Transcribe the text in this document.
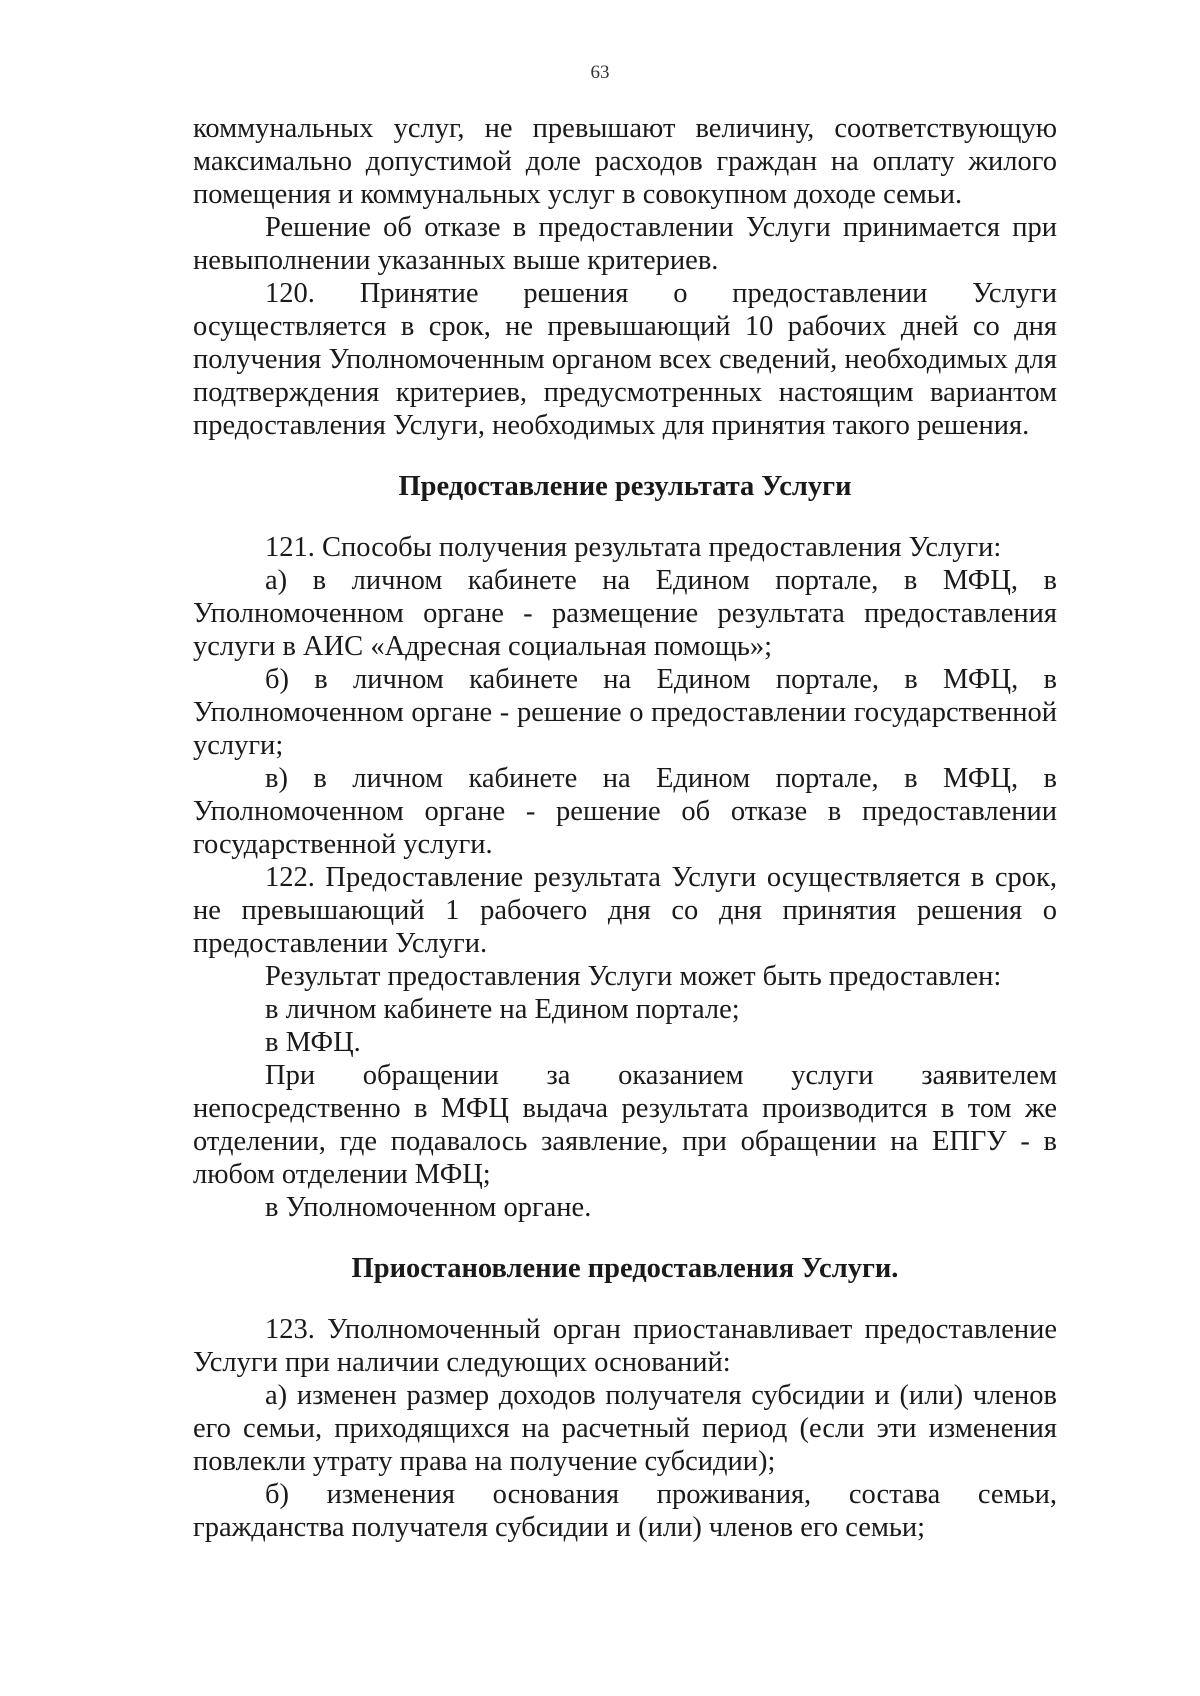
63

коммунальных услуг, не превышают величину, соответствующую максимально допустимой доле расходов граждан на оплату жилого помещения и коммунальных услуг в совокупном доходе семьи.

Решение об отказе в предоставлении Услуги принимается при невыполнении указанных выше критериев.

120. Принятие решения о предоставлении Услуги осуществляется в срок, не превышающий 10 рабочих дней со дня получения Уполномоченным органом всех сведений, необходимых для подтверждения критериев, предусмотренных настоящим вариантом предоставления Услуги, необходимых для принятия такого решения.

Предоставление результата Услуги

121. Способы получения результата предоставления Услуги:

а) в личном кабинете на Едином портале, в МФЦ, в Уполномоченном органе - размещение результата предоставления услуги в АИС «Адресная социальная помощь»;

б) в личном кабинете на Едином портале, в МФЦ, в Уполномоченном органе - решение о предоставлении государственной услуги;

в) в личном кабинете на Едином портале, в МФЦ, в Уполномоченном органе - решение об отказе в предоставлении государственной услуги.

122. Предоставление результата Услуги осуществляется в срок, не превышающий 1 рабочего дня со дня принятия решения о предоставлении Услуги.

Результат предоставления Услуги может быть предоставлен:

в личном кабинете на Едином портале;

в МФЦ.

При обращении за оказанием услуги заявителем непосредственно в МФЦ выдача результата производится в том же отделении, где подавалось заявление, при обращении на ЕПГУ - в любом отделении МФЦ;

в Уполномоченном органе.

Приостановление предоставления Услуги.

123. Уполномоченный орган приостанавливает предоставление Услуги при наличии следующих оснований:

а) изменен размер доходов получателя субсидии и (или) членов его семьи, приходящихся на расчетный период (если эти изменения повлекли утрату права на получение субсидии);

б) изменения основания проживания, состава семьи, гражданства получателя субсидии и (или) членов его семьи;
